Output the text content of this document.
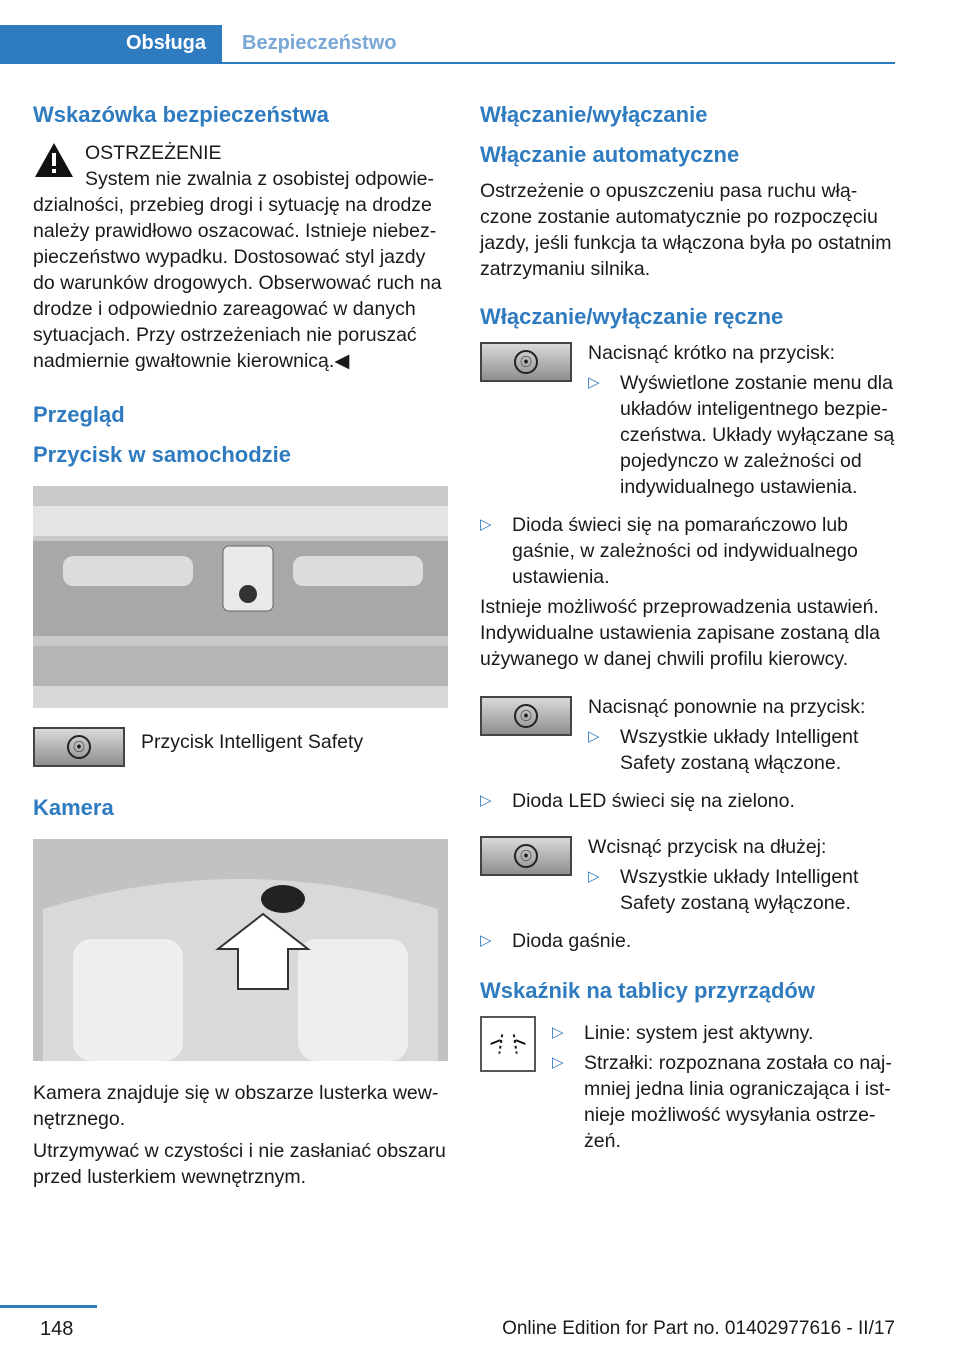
Obsługa	Bezpieczeństwo
Wskazówka bezpieczeństwa
OSTRZEŻENIE
System nie zwalnia z osobistej odpowiedzialności, przebieg drogi i sytuację na drodze należy prawidłowo oszacować. Istnieje niebezpieczeństwo wypadku. Dostosować styl jazdy do warunków drogowych. Obserwować ruch na drodze i odpowiednio zareagować w danych sytuacjach. Przy ostrzeżeniach nie poruszać nadmiernie gwałtownie kierownicą.◀
Przegląd
Przycisk w samochodzie
⦿	Przycisk Intelligent Safety
Kamera

Kamera znajduje się w obszarze lusterka wewnętrznego.

Utrzymywać w czystości i nie zasłaniać obszaru przed lusterkiem wewnętrznym.

Włączanie/wyłączanie
Włączanie automatyczne

Ostrzeżenie o opuszczeniu pasa ruchu włączone zostanie automatycznie po rozpoczęciu jazdy, jeśli funkcja ta włączona była po ostatnim zatrzymaniu silnika.

Włączanie/wyłączanie ręczne
⦿	Nacisnąć krótko na przycisk:
▷	Wyświetlone zostanie menu dla układów inteligentnego bezpieczeństwa. Układy wyłączane są pojedynczo w zależności od indywidualnego ustawienia.
▷	Dioda świeci się na pomarańczowo lub gaśnie, w zależności od indywidualnego ustawienia.

Istnieje możliwość przeprowadzenia ustawień. Indywidualne ustawienia zapisane zostaną dla używanego w danej chwili profilu kierowcy.

⦿	Nacisnąć ponownie na przycisk:
▷	Wszystkie układy Intelligent Safety zostaną włączone.
▷	Dioda LED świeci się na zielono.
⦿	Wcisnąć przycisk na dłużej:
▷	Wszystkie układy Intelligent Safety zostaną wyłączone.
▷	Dioda gaśnie.
Wskaźnik na tablicy przyrządów
▷	Linie: system jest aktywny.
▷	Strzałki: rozpoznana została co najmniej jedna linia ograniczająca i istnieje możliwość wysyłania ostrzeżeń.
148	Online Edition for Part no. 01402977616 - II/17
